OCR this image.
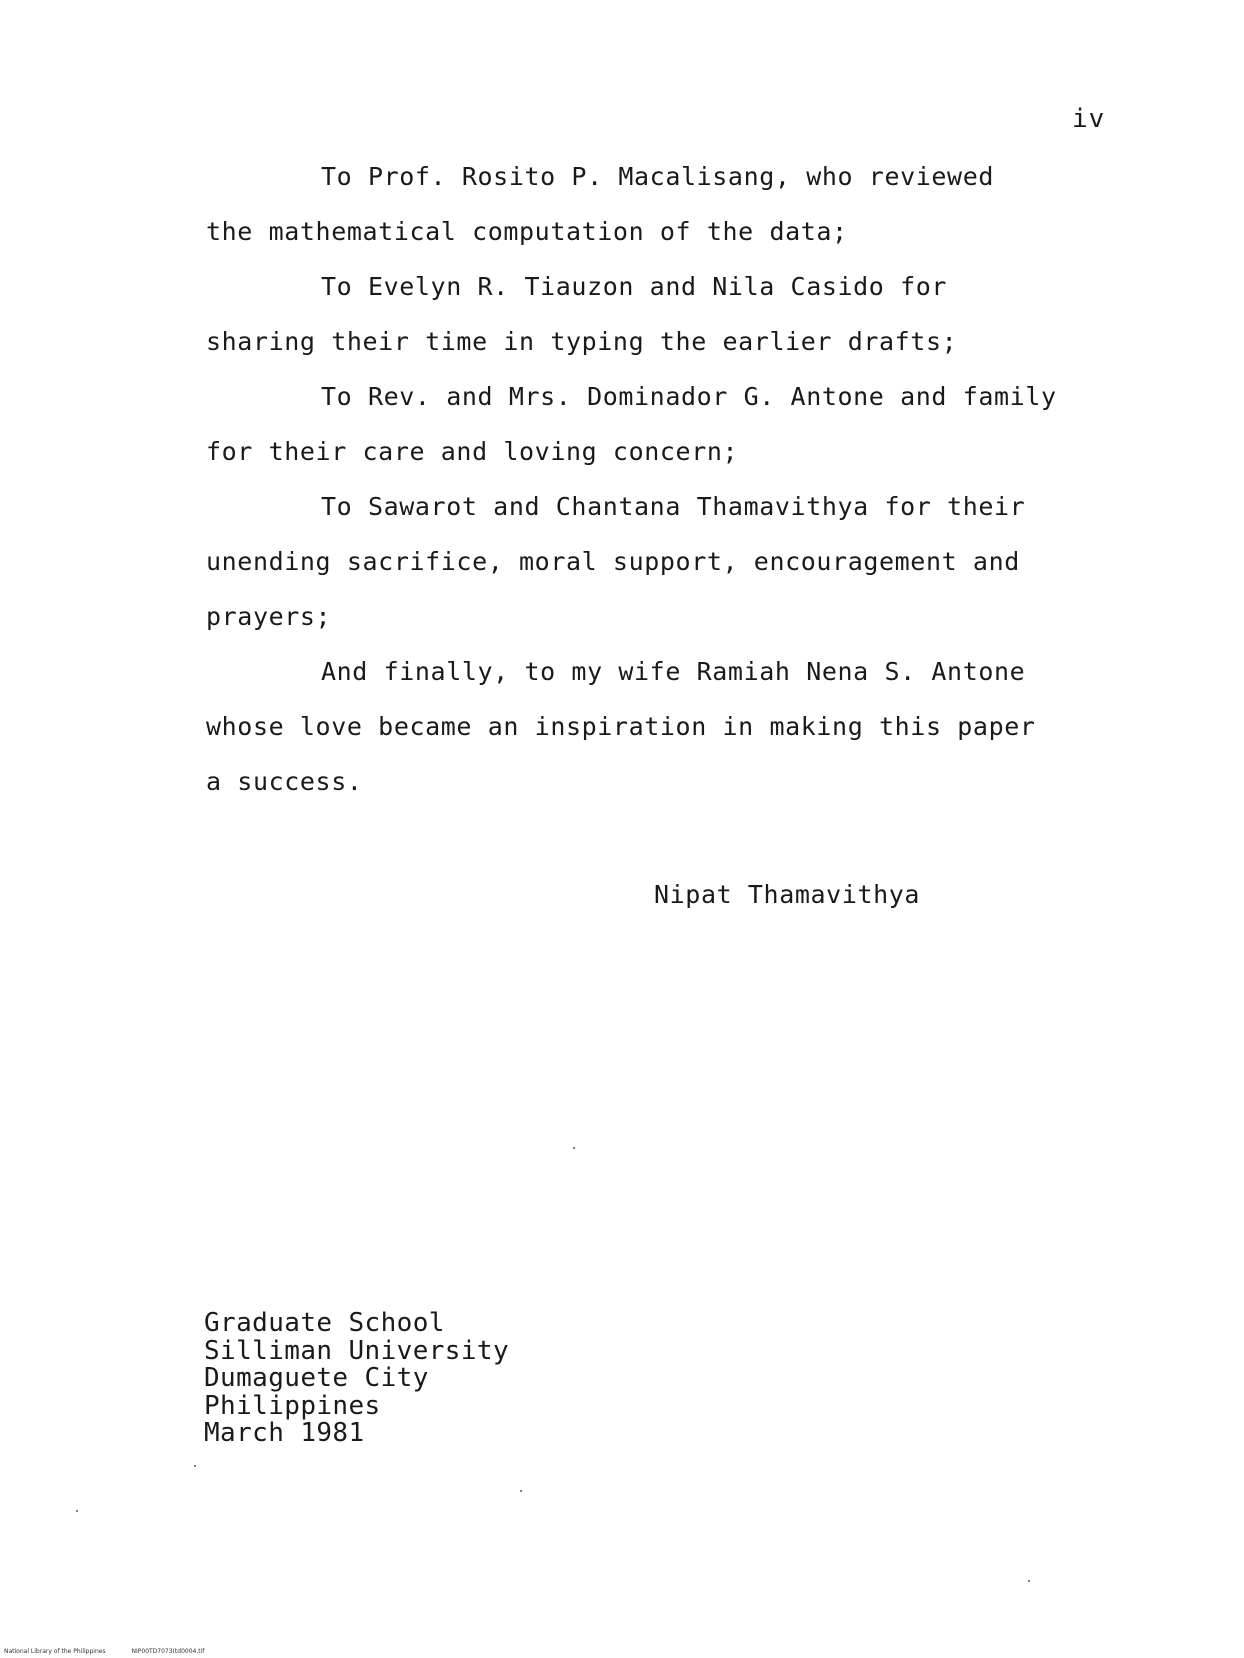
iv
To Prof. Rosito P. Macalisang, who reviewed
the mathematical computation of the data;
To Evelyn R. Tiauzon and Nila Casido for
sharing their time in typing the earlier drafts;
To Rev. and Mrs. Dominador G. Antone and family
for their care and loving concern;
To Sawarot and Chantana Thamavithya for their
unending sacrifice, moral support, encouragement and
prayers;
And finally, to my wife Ramiah Nena S. Antone
whose love became an inspiration in making this paper
a success.
Nipat Thamavithya
Graduate School
Silliman University
Dumaguete City
Philippines
March 1981
National Library of the Philippines	NIP00TD7073(td0004.tif
